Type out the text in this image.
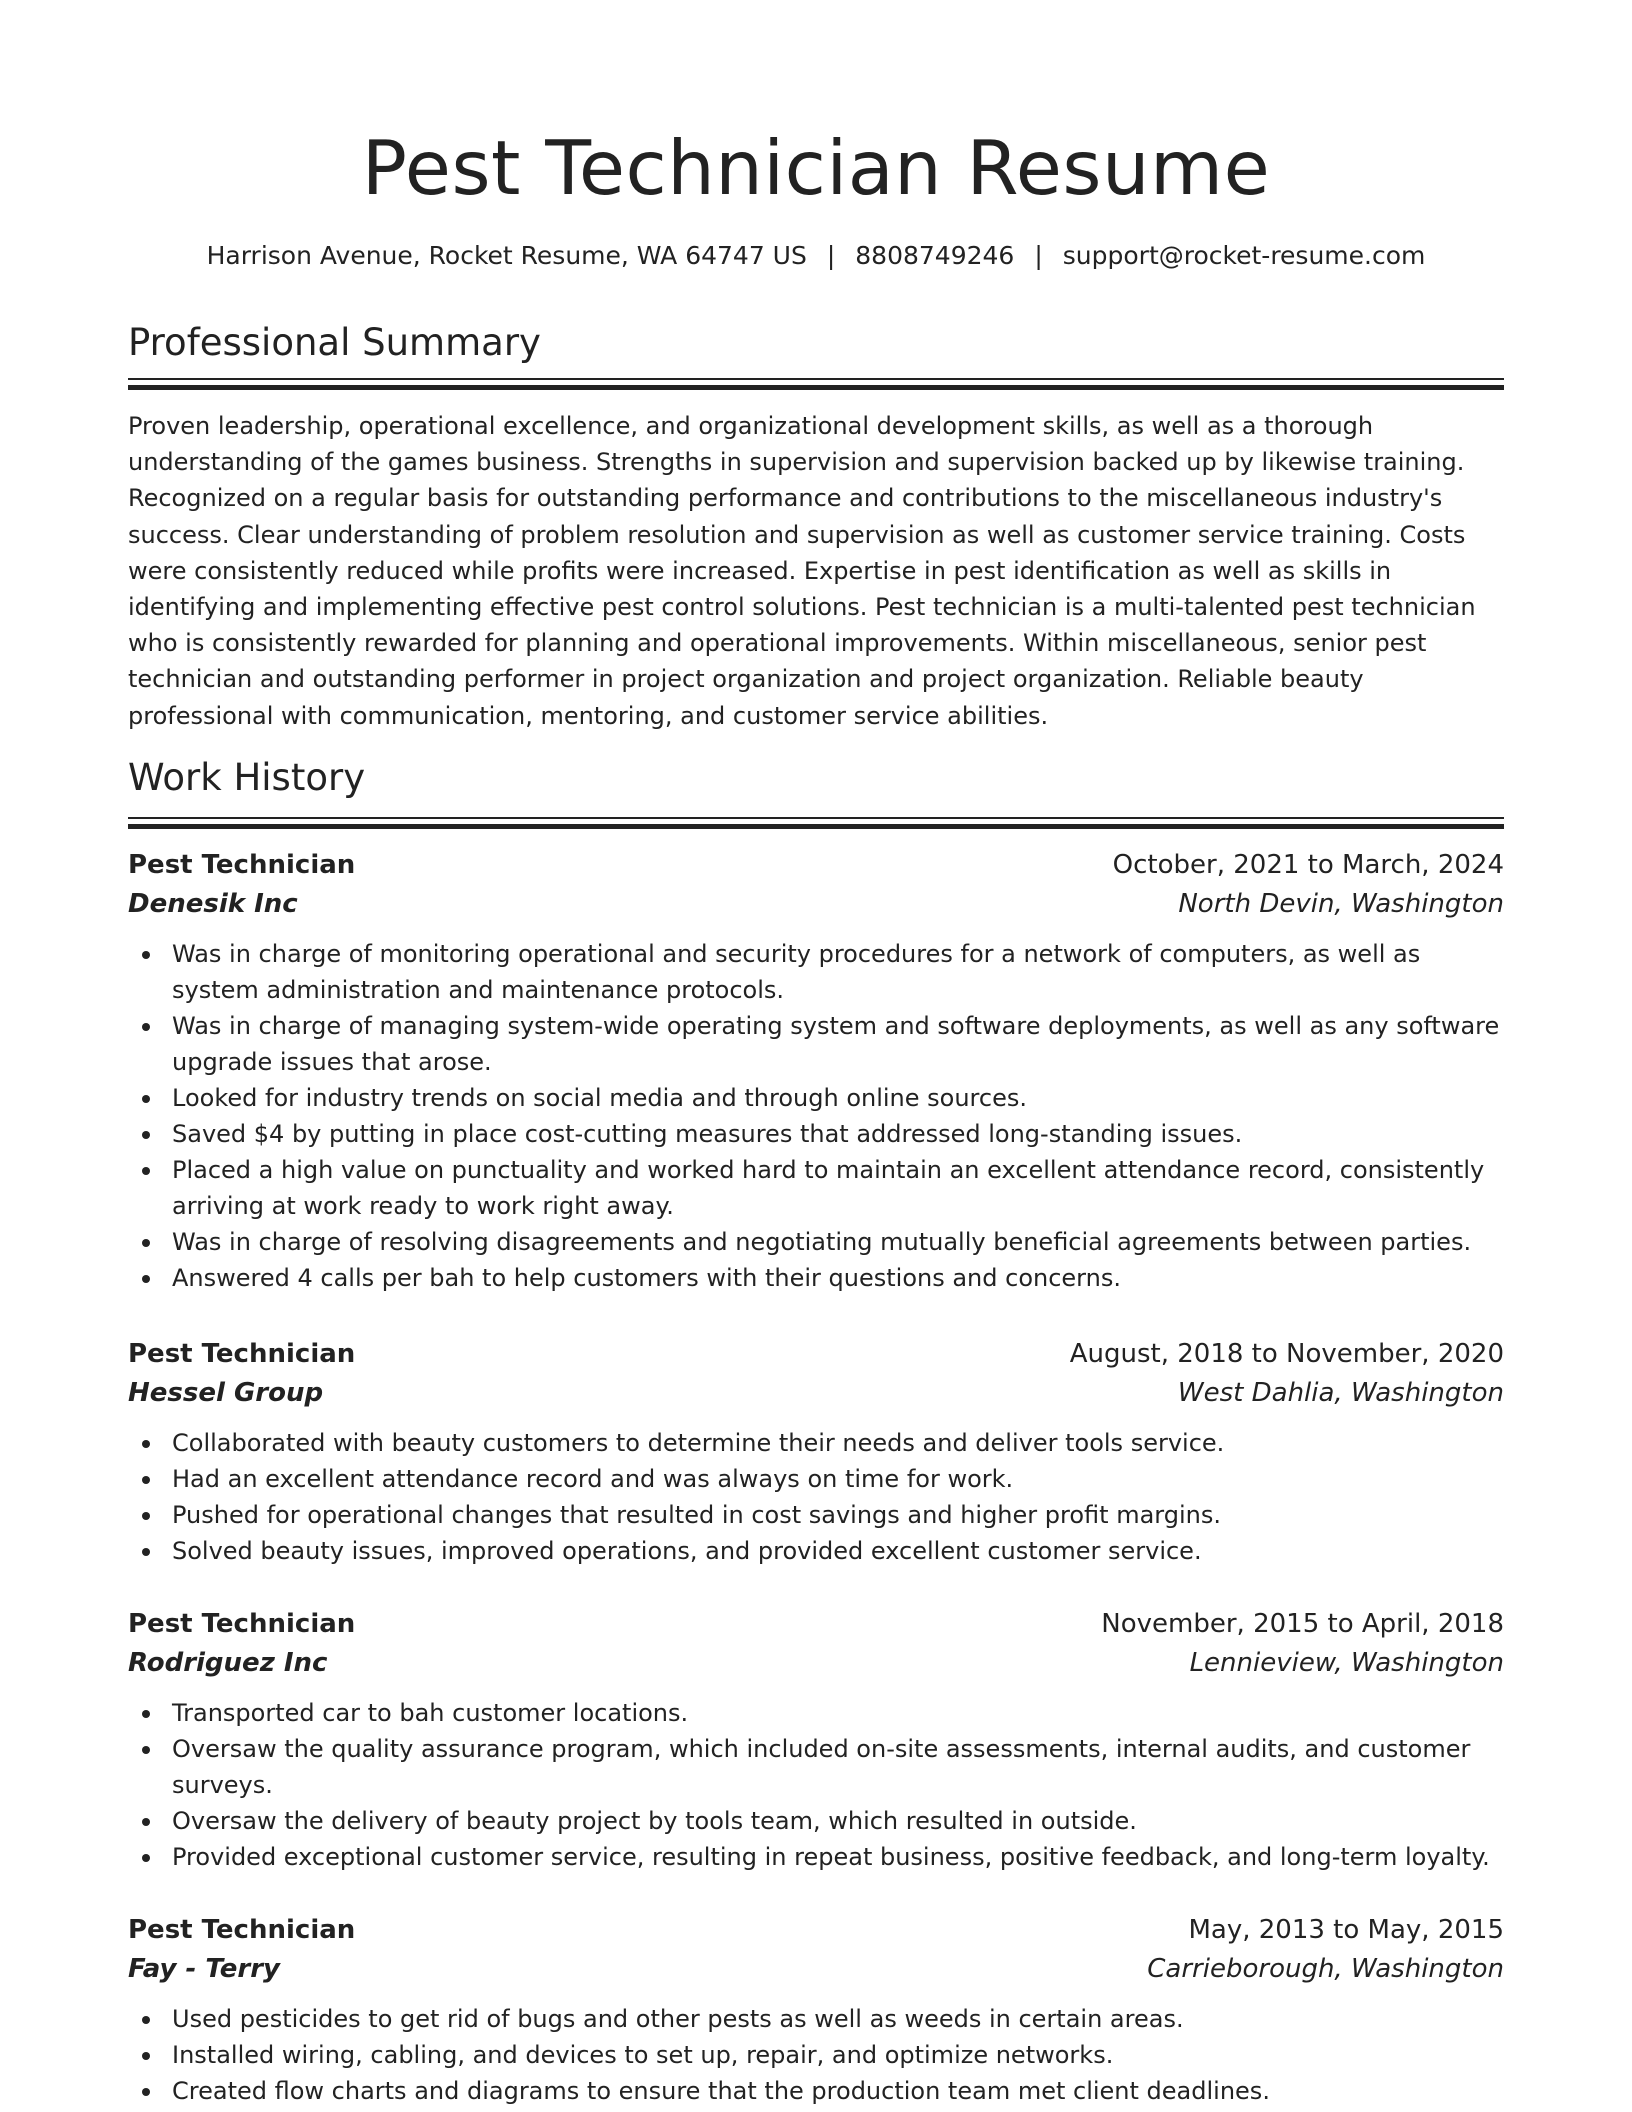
Pest Technician Resume
Harrison Avenue, Rocket Resume, WA 64747 US | 8808749246 | support@rocket-resume.com
Professional Summary

Proven leadership, operational excellence, and organizational development skills, as well as a thorough understanding of the games business. Strengths in supervision and supervision backed up by likewise training. Recognized on a regular basis for outstanding performance and contributions to the miscellaneous industry's success. Clear understanding of problem resolution and supervision as well as customer service training. Costs were consistently reduced while profits were increased. Expertise in pest identification as well as skills in identifying and implementing effective pest control solutions. Pest technician is a multi-talented pest technician who is consistently rewarded for planning and operational improvements. Within miscellaneous, senior pest technician and outstanding performer in project organization and project organization. Reliable beauty professional with communication, mentoring, and customer service abilities.

Work History
Pest Technician	October, 2021 to March, 2024
Denesik Inc	North Devin, Washington
Was in charge of monitoring operational and security procedures for a network of computers, as well as system administration and maintenance protocols.
Was in charge of managing system-wide operating system and software deployments, as well as any software upgrade issues that arose.
Looked for industry trends on social media and through online sources.
Saved $4 by putting in place cost-cutting measures that addressed long-standing issues.
Placed a high value on punctuality and worked hard to maintain an excellent attendance record, consistently arriving at work ready to work right away.
Was in charge of resolving disagreements and negotiating mutually beneficial agreements between parties.
Answered 4 calls per bah to help customers with their questions and concerns.
Pest Technician	August, 2018 to November, 2020
Hessel Group	West Dahlia, Washington
Collaborated with beauty customers to determine their needs and deliver tools service.
Had an excellent attendance record and was always on time for work.
Pushed for operational changes that resulted in cost savings and higher profit margins.
Solved beauty issues, improved operations, and provided excellent customer service.
Pest Technician	November, 2015 to April, 2018
Rodriguez Inc	Lennieview, Washington
Transported car to bah customer locations.
Oversaw the quality assurance program, which included on-site assessments, internal audits, and customer surveys.
Oversaw the delivery of beauty project by tools team, which resulted in outside.
Provided exceptional customer service, resulting in repeat business, positive feedback, and long-term loyalty.
Pest Technician	May, 2013 to May, 2015
Fay - Terry	Carrieborough, Washington
Used pesticides to get rid of bugs and other pests as well as weeds in certain areas.
Installed wiring, cabling, and devices to set up, repair, and optimize networks.
Created flow charts and diagrams to ensure that the production team met client deadlines.
